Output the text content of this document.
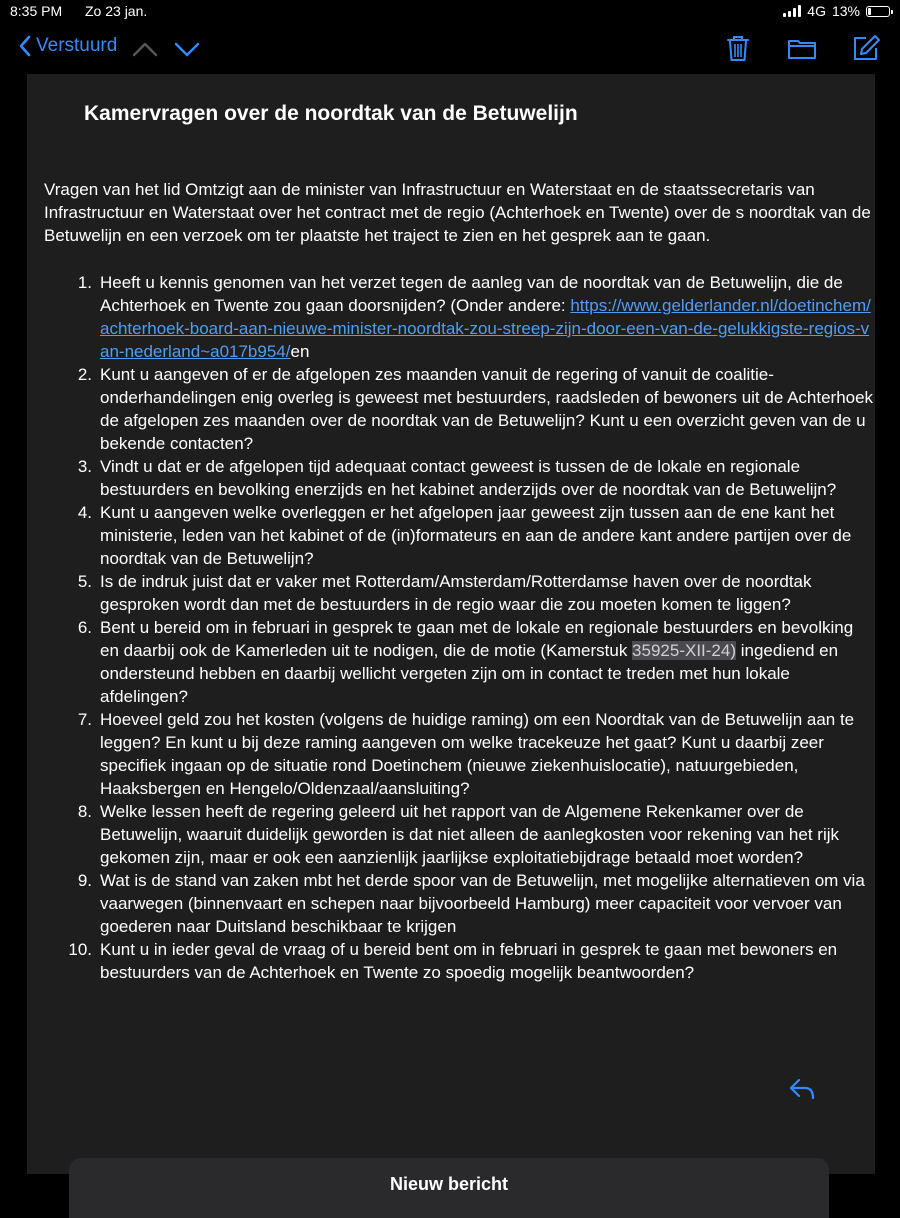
8:35 PM Zo 23 jan.	4G 13%
Verstuurd
Kamervragen over de noordtak van de Betuwelijn

Vragen van het lid Omtzigt aan de minister van Infrastructuur en Waterstaat en de staatssecretaris van Infrastructuur en Waterstaat over het contract met de regio (Achterhoek en Twente) over de s noordtak van de Betuwelijn en een verzoek om ter plaatste het traject te zien en het gesprek aan te gaan.

1. Heeft u kennis genomen van het verzet tegen de aanleg van de noordtak van de Betuwelijn, die de Achterhoek en Twente zou gaan doorsnijden? (Onder andere: https://www.gelderlander.nl/doetinchem/achterhoek-board-aan-nieuwe-minister-noordtak-zou-streep-zijn-door-een-van-de-gelukkigste-regios-van-nederland~a017b954/en
2. Kunt u aangeven of er de afgelopen zes maanden vanuit de regering of vanuit de coalitie-onderhandelingen enig overleg is geweest met bestuurders, raadsleden of bewoners uit de Achterhoek de afgelopen zes maanden over de noordtak van de Betuwelijn? Kunt u een overzicht geven van de u bekende contacten?
3. Vindt u dat er de afgelopen tijd adequaat contact geweest is tussen de de lokale en regionale bestuurders en bevolking enerzijds en het kabinet anderzijds over de noordtak van de Betuwelijn?
4. Kunt u aangeven welke overleggen er het afgelopen jaar geweest zijn tussen aan de ene kant het ministerie, leden van het kabinet of de (in)formateurs en aan de andere kant andere partijen over de noordtak van de Betuwelijn?
5. Is de indruk juist dat er vaker met Rotterdam/Amsterdam/Rotterdamse haven over de noordtak gesproken wordt dan met de bestuurders in de regio waar die zou moeten komen te liggen?
6. Bent u bereid om in februari in gesprek te gaan met de lokale en regionale bestuurders en bevolking en daarbij ook de Kamerleden uit te nodigen, die de motie (Kamerstuk 35925-XII-24) ingediend en ondersteund hebben en daarbij wellicht vergeten zijn om in contact te treden met hun lokale afdelingen?
7. Hoeveel geld zou het kosten (volgens de huidige raming) om een Noordtak van de Betuwelijn aan te leggen? En kunt u bij deze raming aangeven om welke tracekeuze het gaat? Kunt u daarbij zeer specifiek ingaan op de situatie rond Doetinchem (nieuwe ziekenhuislocatie), natuurgebieden, Haaksbergen en Hengelo/Oldenzaal/aansluiting?
8. Welke lessen heeft de regering geleerd uit het rapport van de Algemene Rekenkamer over de Betuwelijn, waaruit duidelijk geworden is dat niet alleen de aanlegkosten voor rekening van het rijk gekomen zijn, maar er ook een aanzienlijk jaarlijkse exploitatiebijdrage betaald moet worden?
9. Wat is de stand van zaken mbt het derde spoor van de Betuwelijn, met mogelijke alternatieven om via vaarwegen (binnenvaart en schepen naar bijvoorbeeld Hamburg) meer capaciteit voor vervoer van goederen naar Duitsland beschikbaar te krijgen
10. Kunt u in ieder geval de vraag of u bereid bent om in februari in gesprek te gaan met bewoners en bestuurders van de Achterhoek en Twente zo spoedig mogelijk beantwoorden?
Nieuw bericht
